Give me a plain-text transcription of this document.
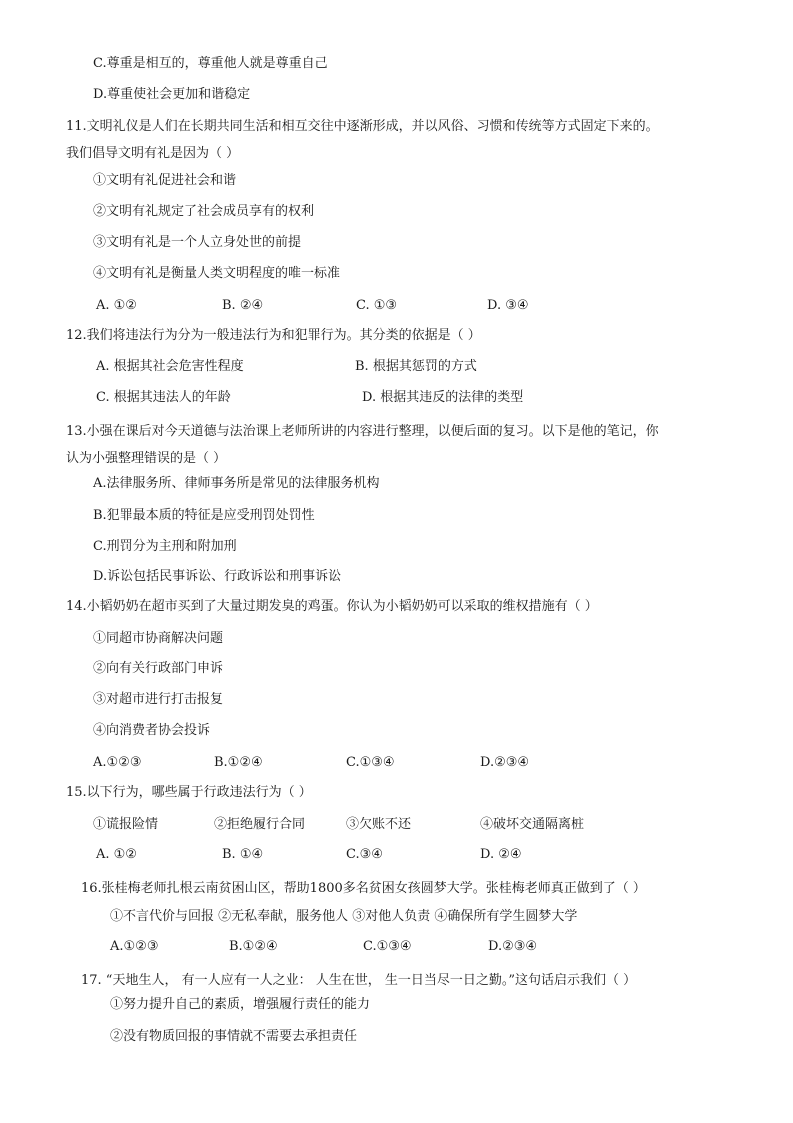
C.尊重是相互的，尊重他人就是尊重自己
D.尊重使社会更加和谐稳定
11.文明礼仪是人们在长期共同生活和相互交往中逐渐形成，并以风俗、习惯和传统等方式固定下来的。
我们倡导文明有礼是因为（ ）
①文明有礼促进社会和谐
②文明有礼规定了社会成员享有的权利
③文明有礼是一个人立身处世的前提
④文明有礼是衡量人类文明程度的唯一标准
A. ①②	B. ②④	C. ①③	D. ③④
12.我们将违法行为分为一般违法行为和犯罪行为。其分类的依据是（ ）
A. 根据其社会危害性程度	B. 根据其惩罚的方式
C. 根据其违法人的年龄	D. 根据其违反的法律的类型
13.小强在课后对今天道德与法治课上老师所讲的内容进行整理，以便后面的复习。以下是他的笔记，你
认为小强整理错误的是（ ）
A.法律服务所、律师事务所是常见的法律服务机构
B.犯罪最本质的特征是应受刑罚处罚性
C.刑罚分为主刑和附加刑
D.诉讼包括民事诉讼、行政诉讼和刑事诉讼
14.小韬奶奶在超市买到了大量过期发臭的鸡蛋。你认为小韬奶奶可以采取的维权措施有（ ）
①同超市协商解决问题
②向有关行政部门申诉
③对超市进行打击报复
④向消费者协会投诉
A.①②③	B.①②④	C.①③④	D.②③④
15.以下行为，哪些属于行政违法行为（ ）
①谎报险情	②拒绝履行合同	③欠账不还	④破坏交通隔离桩
A. ①②	B. ①④	C.③④	D. ②④
16.张桂梅老师扎根云南贫困山区，帮助1800多名贫困女孩圆梦大学。张桂梅老师真正做到了（ ）
①不言代价与回报 ②无私奉献，服务他人 ③对他人负责 ④确保所有学生圆梦大学
A.①②③	B.①②④	C.①③④	D.②③④
17. “天地生人， 有一人应有一人之业： 人生在世， 生一日当尽一日之勤。”这句话启示我们（ ）
①努力提升自己的素质，增强履行责任的能力
②没有物质回报的事情就不需要去承担责任
